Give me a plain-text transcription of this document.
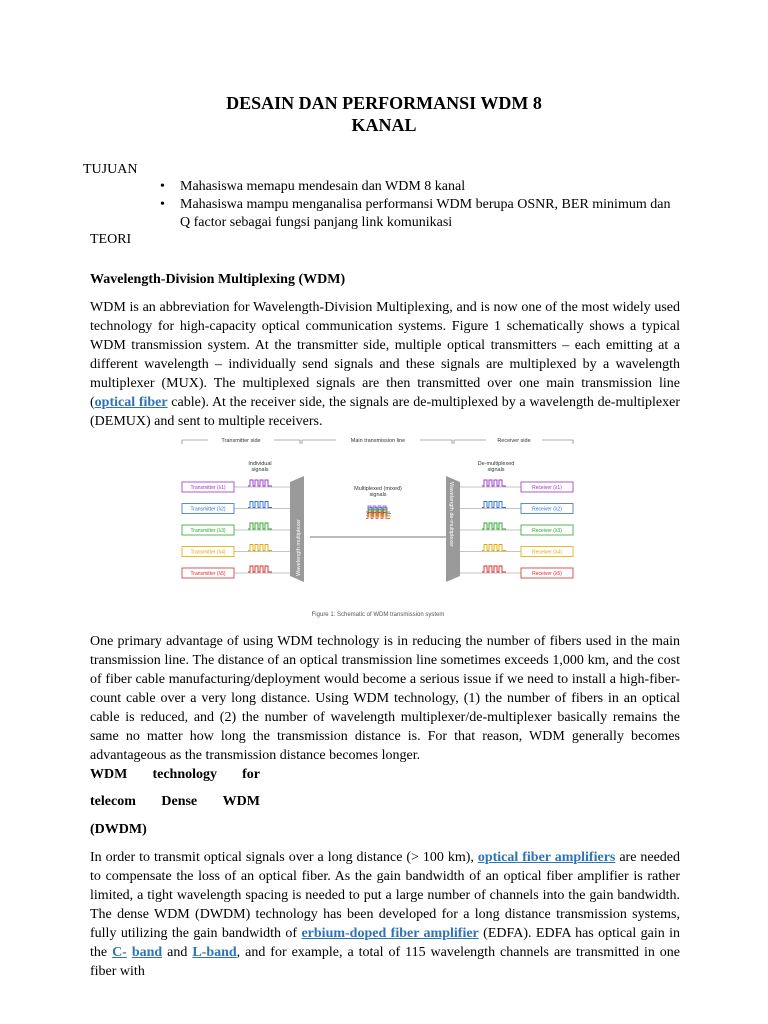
DESAIN DAN PERFORMANSI WDM 8
KANAL
TUJUAN
• Mahasiswa memapu mendesain dan WDM 8 kanal
• Mahasiswa mampu menganalisa performansi WDM berupa OSNR, BER minimum dan Q factor sebagai fungsi panjang link komunikasi
TEORI
Wavelength-Division Multiplexing (WDM)

WDM is an abbreviation for Wavelength-Division Multiplexing, and is now one of the most widely used technology for high-capacity optical communication systems. Figure 1 schematically shows a typical WDM transmission system. At the transmitter side, multiple optical transmitters – each emitting at a different wavelength – individually send signals and these signals are multiplexed by a wavelength multiplexer (MUX). The multiplexed signals are then transmitted over one main transmission line (optical fiber cable). At the receiver side, the signals are de-multiplexed by a wavelength de-multiplexer (DEMUX) and sent to multiple receivers.

Transmitter side	Main transmission line	Receiver side
Individual
signals
De-multiplexed
signals
Multiplexed (mixed)
signals
Wavelength multiplexer
Wavelength de-multiplexer
Transmitter (λ1)	Receiver (λ1)
Transmitter (λ2)	Receiver (λ2)
Transmitter (λ3)	Receiver (λ3)
Transmitter (λ4)	Receiver (λ4)
Transmitter (λ5)	Receiver (λ5)
Figure 1: Schematic of WDM transmission system

One primary advantage of using WDM technology is in reducing the number of fibers used in the main transmission line. The distance of an optical transmission line sometimes exceeds 1,000 km, and the cost of fiber cable manufacturing/deployment would become a serious issue if we need to install a high-fiber-count cable over a very long distance. Using WDM technology, (1) the number of fibers in an optical cable is reduced, and (2) the number of wavelength multiplexer/de-multiplexer basically remains the same no matter how long the transmission distance is. For that reason, WDM generally becomes advantageous as the transmission distance becomes longer.

WDM technology for
telecom Dense WDM
(DWDM)

In order to transmit optical signals over a long distance (> 100 km), optical fiber amplifiers are needed to compensate the loss of an optical fiber. As the gain bandwidth of an optical fiber amplifier is rather limited, a tight wavelength spacing is needed to put a large number of channels into the gain bandwidth. The dense WDM (DWDM) technology has been developed for a long distance transmission systems, fully utilizing the gain bandwidth of erbium-doped fiber amplifier (EDFA). EDFA has optical gain in the C- band and L-band, and for example, a total of 115 wavelength channels are transmitted in one fiber with
